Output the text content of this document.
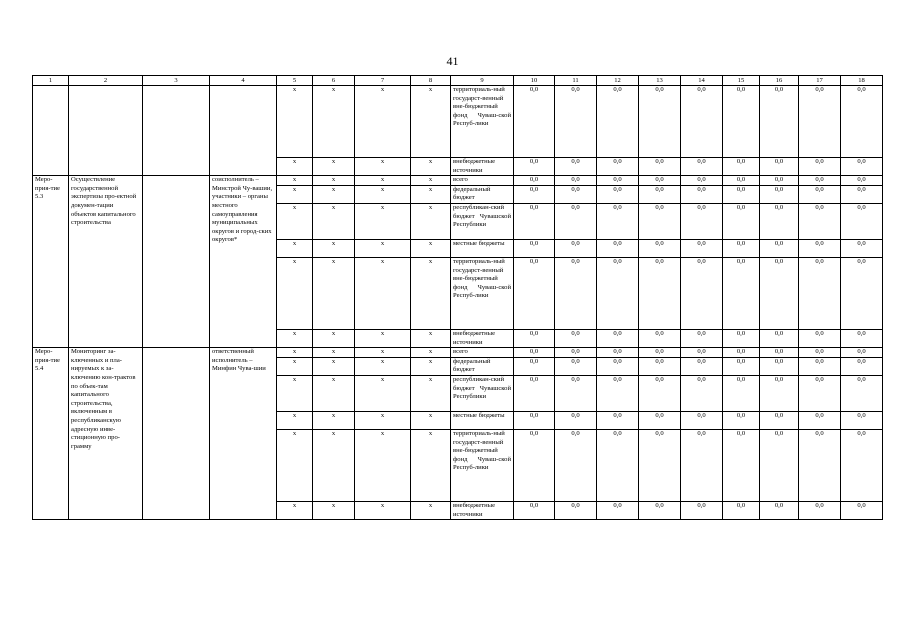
41
1	2	3	4	5	6	7	8	9	10	11	12	13	14	15	16	17	18
				х	х	х	х	территориаль-ный государст-венный вне-бюджетный фонд Чуваш-ской Респуб-лики	0,0	0,0	0,0	0,0	0,0	0,0	0,0	0,0	0,0
				х	х	х	х	внебюджетные источники	0,0	0,0	0,0	0,0	0,0	0,0	0,0	0,0	0,0
Меро-прия-тие 5.3	Осуществление государственной экспертизы про-ектной докумен-тации объектов капитального строительства		соисполнитель – Минстрой Чу-вашии, участники – органы местного самоуправления муниципальных округов и город-ских округов*	х	х	х	х	всего	0,0	0,0	0,0	0,0	0,0	0,0	0,0	0,0	0,0
				х	х	х	х	федеральный бюджет	0,0	0,0	0,0	0,0	0,0	0,0	0,0	0,0	0,0
				х	х	х	х	республикан-ский бюджет Чувашской Республики	0,0	0,0	0,0	0,0	0,0	0,0	0,0	0,0	0,0
				х	х	х	х	местные бюджеты	0,0	0,0	0,0	0,0	0,0	0,0	0,0	0,0	0,0
				х	х	х	х	территориаль-ный государст-венный вне-бюджетный фонд Чуваш-ской Респуб-лики	0,0	0,0	0,0	0,0	0,0	0,0	0,0	0,0	0,0
				х	х	х	х	внебюджетные источники	0,0	0,0	0,0	0,0	0,0	0,0	0,0	0,0	0,0
Меро-прия-тие 5.4	Мониторинг за-ключенных и пла-нируемых к за-ключению кон-трактов по объек-там капитального строительства, включенным в республиканскую адресную инве-стиционную про-грамму		ответственный исполнитель – Минфин Чува-шии	х	х	х	х	всего	0,0	0,0	0,0	0,0	0,0	0,0	0,0	0,0	0,0
				х	х	х	х	федеральный бюджет	0,0	0,0	0,0	0,0	0,0	0,0	0,0	0,0	0,0
				х	х	х	х	республикан-ский бюджет Чувашской Республики	0,0	0,0	0,0	0,0	0,0	0,0	0,0	0,0	0,0
				х	х	х	х	местные бюджеты	0,0	0,0	0,0	0,0	0,0	0,0	0,0	0,0	0,0
				х	х	х	х	территориаль-ный государст-венный вне-бюджетный фонд Чуваш-ской Респуб-лики	0,0	0,0	0,0	0,0	0,0	0,0	0,0	0,0	0,0
				х	х	х	х	внебюджетные источники	0,0	0,0	0,0	0,0	0,0	0,0	0,0	0,0	0,0
